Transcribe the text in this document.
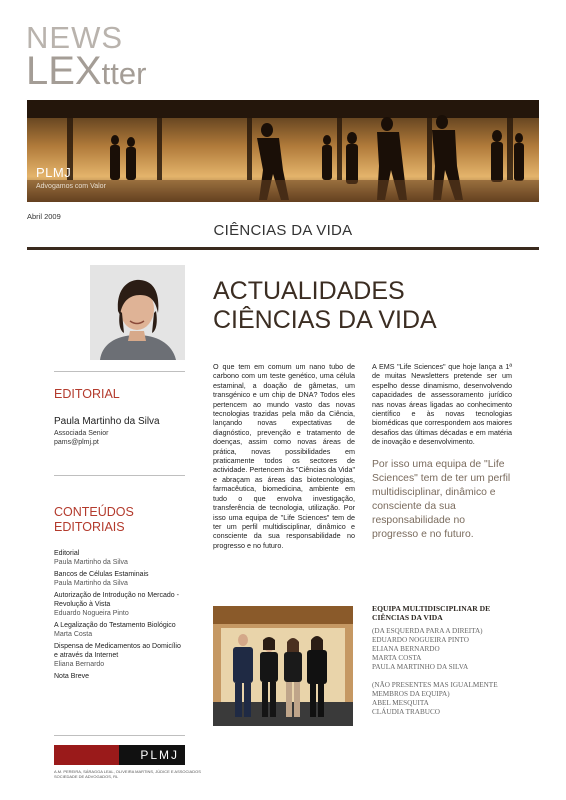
NEWS
LEXtter
PLMJ
Advogamos com Valor
Abril 2009
CIÊNCIAS DA VIDA
EDITORIAL
Paula Martinho da Silva
Associada Senior
pams@plmj.pt
CONTEÚDOS
EDITORIAIS
Editorial
Paula Martinho da Silva
Bancos de Células Estaminais
Paula Martinho da Silva
Autorização de Introdução no Mercado -
Revolução à Vista
Eduardo Nogueira Pinto
A Legalização do Testamento Biológico
Marta Costa
Dispensa de Medicamentos ao Domicílio
e através da Internet
Eliana Bernardo
Nota Breve
ACTUALIDADES
CIÊNCIAS DA VIDA
O que tem em comum um nano tubo de carbono com um teste genético, uma célula estaminal, a doação de gâmetas, um transgénico e um chip de DNA? Todos eles pertencem ao mundo vasto das novas tecnologias trazidas pela mão da Ciência, lançando novas expectativas de diagnóstico, prevenção e tratamento de doenças, assim como novas áreas de prática, novas possibilidades em praticamente todos os sectores de actividade. Pertencem às "Ciências da Vida" e abraçam as áreas das biotecnologias, farmacêutica, biomedicina, ambiente em tudo o que envolva investigação, transferência de tecnologia, utilização. Por isso uma equipa de "Life Sciences" tem de ter um perfil multidisciplinar, dinâmico e consciente da sua responsabilidade no progresso e no futuro.
A EMS "Life Sciences" que hoje lança a 1ª de muitas Newsletters pretende ser um espelho desse dinamismo, desenvolvendo capacidades de assessoramento jurídico nas novas áreas ligadas ao conhecimento científico e às novas tecnologias biomédicas que correspondem aos maiores desafios das últimas décadas e em matéria de inovação e desenvolvimento.
Por isso uma equipa de "Life Sciences" tem de ter um perfil multidisciplinar, dinâmico e consciente da sua responsabilidade no progresso e no futuro.
EQUIPA MULTIDISCIPLINAR DE
CIÊNCIAS DA VIDA
(DA ESQUERDA PARA A DIREITA)
EDUARDO NOGUEIRA PINTO
ELIANA BERNARDO
MARTA COSTA
PAULA MARTINHO DA SILVA
(NÃO PRESENTES MAS IGUALMENTE
MEMBROS DA EQUIPA)
ABEL MESQUITA
CLÁUDIA TRABUCO
PLMJ
A.M. PEREIRA, SÁRAGGA LEAL, OLIVEIRA MARTINS, JÚDICE E ASSOCIADOS
SOCIEDADE DE ADVOGADOS, RL
